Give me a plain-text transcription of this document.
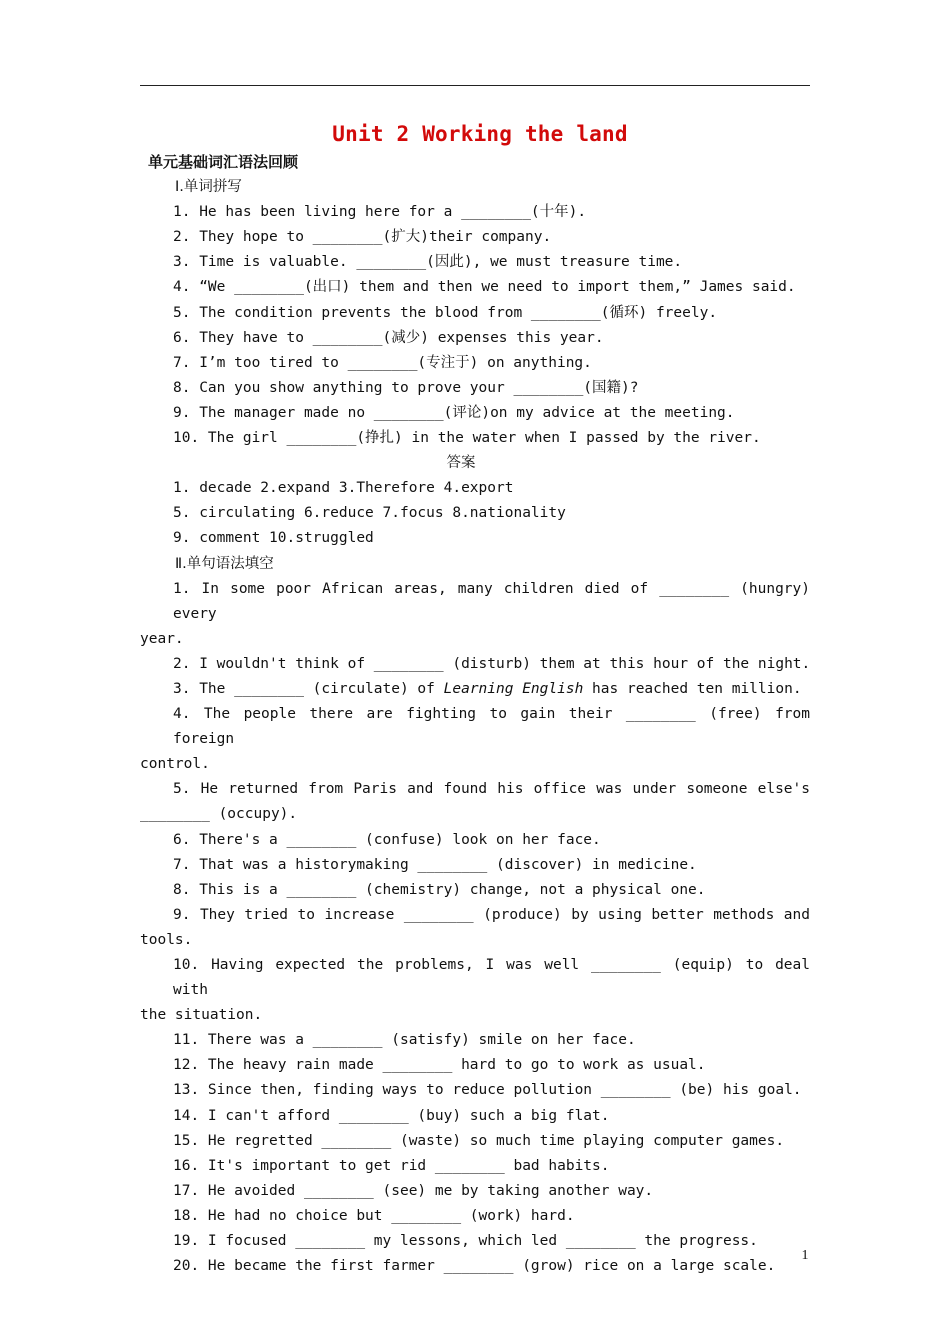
Unit 2 Working the land
单元基础词汇语法回顾
Ⅰ.单词拼写
1. He has been living here for a ________(十年).
2. They hope to ________(扩大)their company.
3. Time is valuable. ________(因此), we must treasure time.
4. “We ________(出口) them and then we need to import them,” James said.
5. The condition prevents the blood from ________(循环) freely.
6. They have to ________(减少) expenses this year.
7. I’m too tired to ________(专注于) on anything.
8. Can you show anything to prove your ________(国籍)?
9. The manager made no ________(评论)on my advice at the meeting.
10. The girl ________(挣扎) in the water when I passed by the river.
答案
1. decade 2.expand 3.Therefore 4.export
5. circulating 6.reduce 7.focus 8.nationality
9. comment 10.struggled
Ⅱ.单句语法填空
1. In some poor African areas, many children died of ________ (hungry) every
year.
2. I wouldn't think of ________ (disturb) them at this hour of the night.
3. The ________ (circulate) of Learning English has reached ten million.
4. The people there are fighting to gain their ________ (free) from foreign
control.
5. He returned from Paris and found his office was under someone else's
________ (occupy).
6. There's a ________ (confuse) look on her face.
7. That was a historymaking ________ (discover) in medicine.
8. This is a ________ (chemistry) change, not a physical one.
9. They tried to increase ________ (produce) by using better methods and
tools.
10. Having expected the problems, I was well ________ (equip) to deal with
the situation.
11. There was a ________ (satisfy) smile on her face.
12. The heavy rain made ________ hard to go to work as usual.
13. Since then, finding ways to reduce pollution ________ (be) his goal.
14. I can't afford ________ (buy) such a big flat.
15. He regretted ________ (waste) so much time playing computer games.
16. It's important to get rid ________ bad habits.
17. He avoided ________ (see) me by taking another way.
18. He had no choice but ________ (work) hard.
19. I focused ________ my lessons, which led ________ the progress.
20. He became the first farmer ________ (grow) rice on a large scale.
1
